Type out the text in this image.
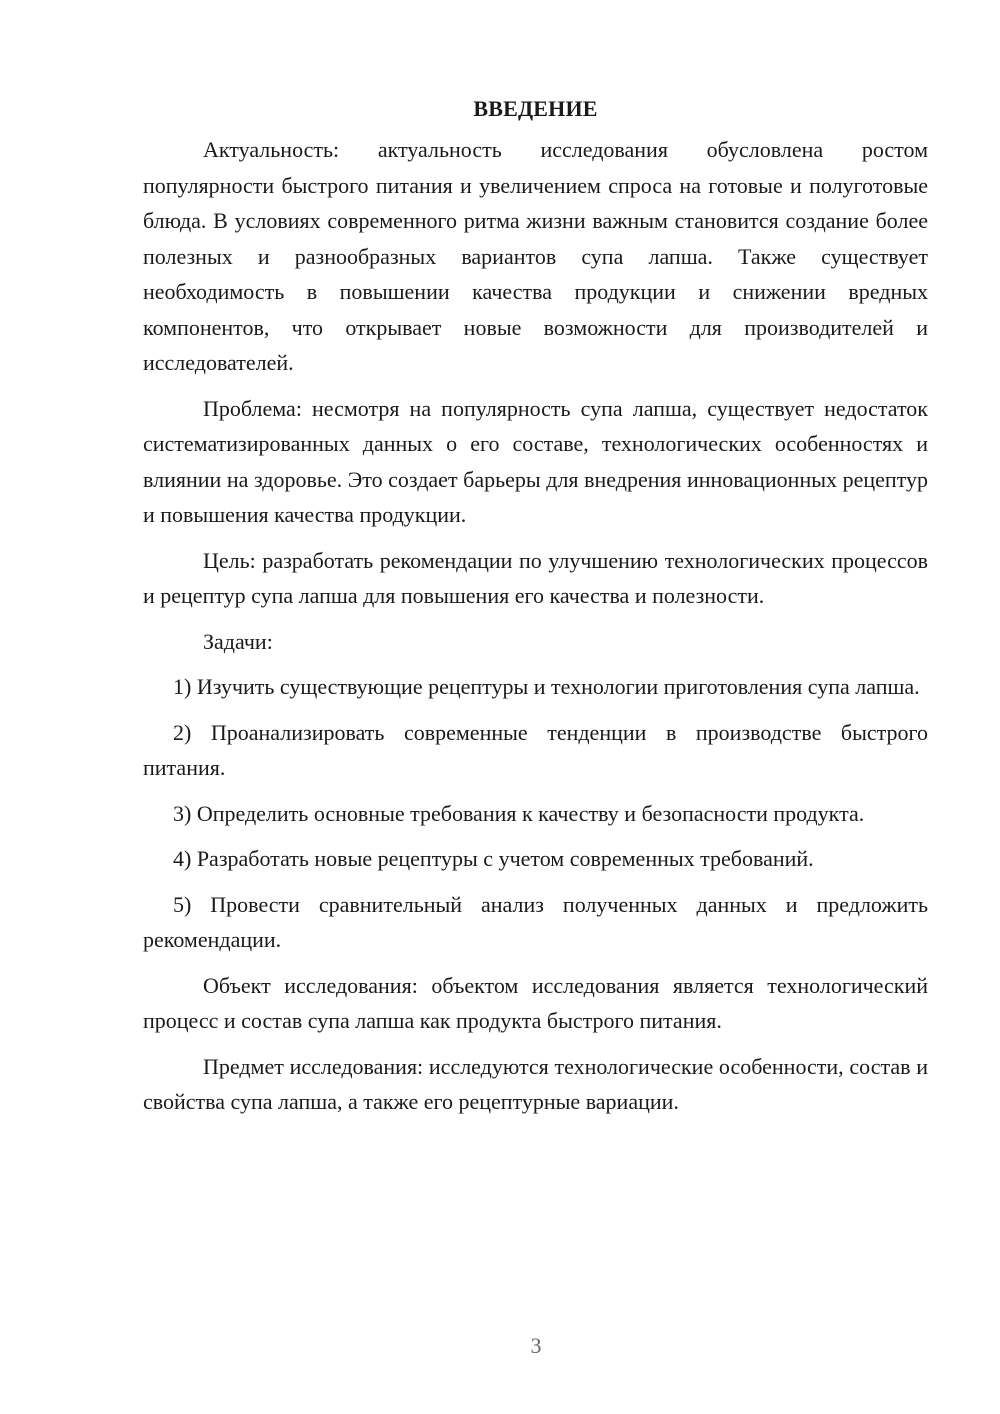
ВВЕДЕНИЕ

Актуальность: актуальность исследования обусловлена ростом популярности быстрого питания и увеличением спроса на готовые и полуготовые блюда. В условиях современного ритма жизни важным становится создание более полезных и разнообразных вариантов супа лапша. Также существует необходимость в повышении качества продукции и снижении вредных компонентов, что открывает новые возможности для производителей и исследователей.

Проблема: несмотря на популярность супа лапша, существует недостаток систематизированных данных о его составе, технологических особенностях и влиянии на здоровье. Это создает барьеры для внедрения инновационных рецептур и повышения качества продукции.

Цель: разработать рекомендации по улучшению технологических процессов и рецептур супа лапша для повышения его качества и полезности.

Задачи:

1) Изучить существующие рецептуры и технологии приготовления супа лапша.

2) Проанализировать современные тенденции в производстве быстрого питания.

3) Определить основные требования к качеству и безопасности продукта.

4) Разработать новые рецептуры с учетом современных требований.

5) Провести сравнительный анализ полученных данных и предложить рекомендации.

Объект исследования: объектом исследования является технологический процесс и состав супа лапша как продукта быстрого питания.

Предмет исследования: исследуются технологические особенности, состав и свойства супа лапша, а также его рецептурные вариации.

3
